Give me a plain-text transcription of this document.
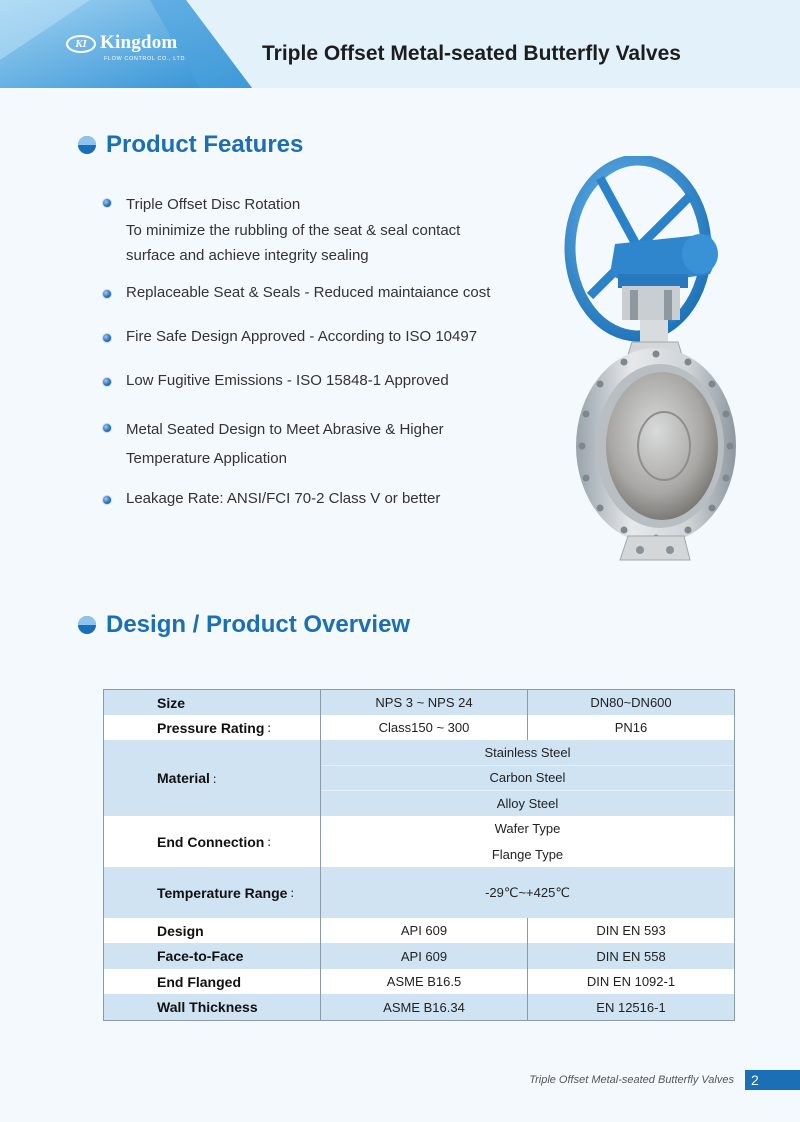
KI Kingdom
FLOW CONTROL CO., LTD.	Triple Offset Metal-seated Butterfly Valves
Product Features
Triple Offset Disc Rotation
To minimize the rubbling of the seat & seal contact
surface and achieve integrity sealing
Replaceable Seat & Seals - Reduced maintaiance cost
Fire Safe Design Approved - According to ISO 10497
Low Fugitive Emissions - ISO 15848-1 Approved
Metal Seated Design to Meet Abrasive & Higher
Temperature Application
Leakage Rate: ANSI/FCI 70-2 Class V or better
Design / Product Overview
Size	NPS 3 ~ NPS 24	DN80~DN600
Pressure Rating ：	Class150 ~ 300	PN16
Material ：
Stainless Steel
Carbon Steel
Alloy Steel
End Connection ：
Wafer Type
Flange Type
Temperature Range ：	-29℃~+425℃
Design	API 609	DIN EN 593
Face-to-Face	API 609	DIN EN 558
End Flanged	ASME B16.5	DIN EN 1092-1
Wall Thickness	ASME B16.34	EN 12516-1
Triple Offset Metal-seated Butterfly Valves	2
